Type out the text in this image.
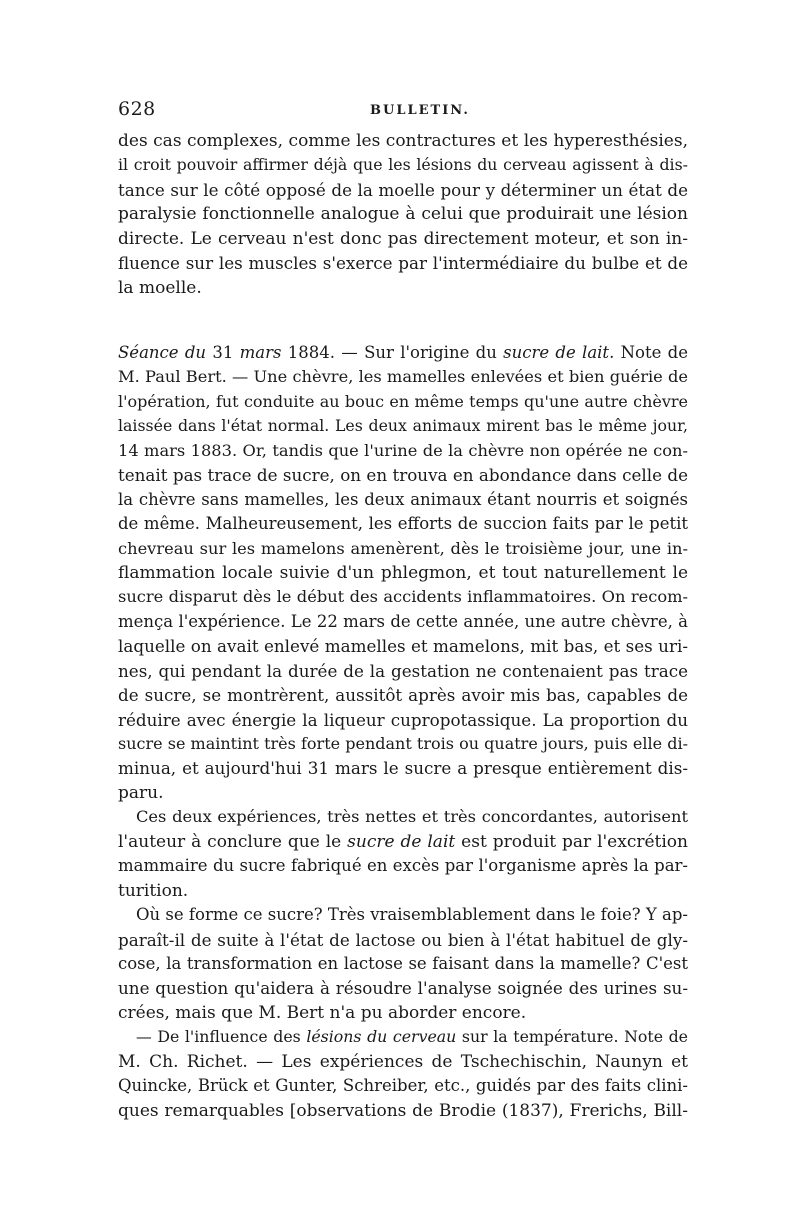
628	BULLETIN.
des cas complexes, comme les contractures et les hyperesthésies,
il croit pouvoir affirmer déjà que les lésions du cerveau agissent à dis-
tance sur le côté opposé de la moelle pour y déterminer un état de
paralysie fonctionnelle analogue à celui que produirait une lésion
directe. Le cerveau n'est donc pas directement moteur, et son in-
fluence sur les muscles s'exerce par l'intermédiaire du bulbe et de
la moelle.
Séance du 31 mars 1884. — Sur l'origine du sucre de lait. Note de
M. Paul Bert. — Une chèvre, les mamelles enlevées et bien guérie de
l'opération, fut conduite au bouc en même temps qu'une autre chèvre
laissée dans l'état normal. Les deux animaux mirent bas le même jour,
14 mars 1883. Or, tandis que l'urine de la chèvre non opérée ne con-
tenait pas trace de sucre, on en trouva en abondance dans celle de
la chèvre sans mamelles, les deux animaux étant nourris et soignés
de même. Malheureusement, les efforts de succion faits par le petit
chevreau sur les mamelons amenèrent, dès le troisième jour, une in-
flammation locale suivie d'un phlegmon, et tout naturellement le
sucre disparut dès le début des accidents inflammatoires. On recom-
mença l'expérience. Le 22 mars de cette année, une autre chèvre, à
laquelle on avait enlevé mamelles et mamelons, mit bas, et ses uri-
nes, qui pendant la durée de la gestation ne contenaient pas trace
de sucre, se montrèrent, aussitôt après avoir mis bas, capables de
réduire avec énergie la liqueur cupropotassique. La proportion du
sucre se maintint très forte pendant trois ou quatre jours, puis elle di-
minua, et aujourd'hui 31 mars le sucre a presque entièrement dis-
paru.
Ces deux expériences, très nettes et très concordantes, autorisent
l'auteur à conclure que le sucre de lait est produit par l'excrétion
mammaire du sucre fabriqué en excès par l'organisme après la par-
turition.
Où se forme ce sucre? Très vraisemblablement dans le foie? Y ap-
paraît-il de suite à l'état de lactose ou bien à l'état habituel de gly-
cose, la transformation en lactose se faisant dans la mamelle? C'est
une question qu'aidera à résoudre l'analyse soignée des urines su-
crées, mais que M. Bert n'a pu aborder encore.
— De l'influence des lésions du cerveau sur la température. Note de
M. Ch. Richet. — Les expériences de Tschechischin, Naunyn et
Quincke, Brück et Gunter, Schreiber, etc., guidés par des faits clini-
ques remarquables [observations de Brodie (1837), Frerichs, Bill-
